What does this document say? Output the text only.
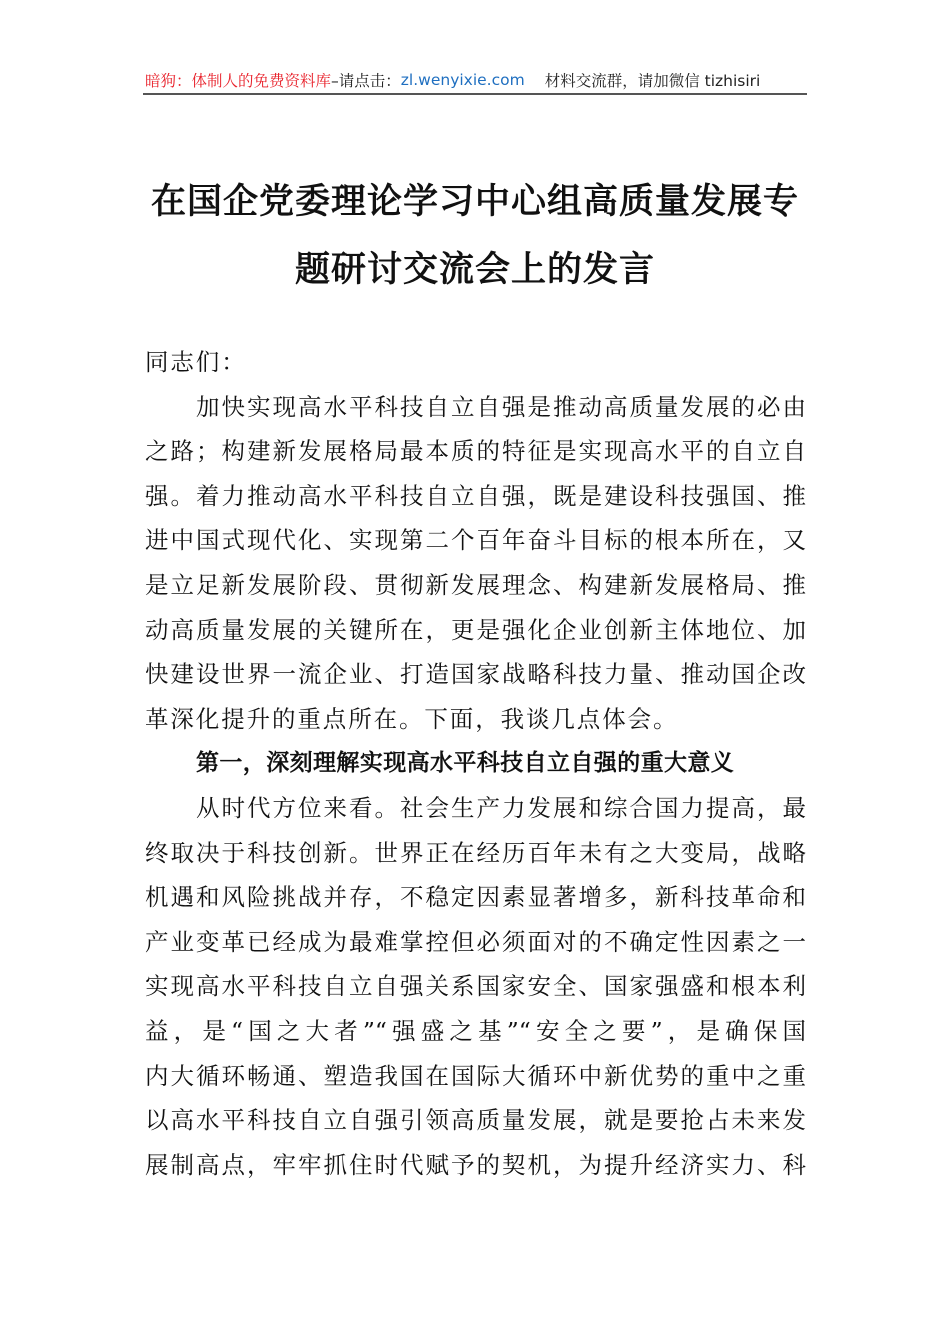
暗狗：体制人的免费资料库 –请点击： zl.wenyixie.com 材料交流群，请加微信 tizhisiri
在国企党委理论学习中心组高质量发展专
题研讨交流会上的发言
同志们：
加快实现高水平科技自立自强是推动高质量发展的必由
之路；构建新发展格局最本质的特征是实现高水平的自立自
强。着力推动高水平科技自立自强，既是建设科技强国、推
进中国式现代化、实现第二个百年奋斗目标的根本所在，又
是立足新发展阶段、贯彻新发展理念、构建新发展格局、推
动高质量发展的关键所在，更是强化企业创新主体地位、加
快建设世界一流企业、打造国家战略科技力量、推动国企改
革深化提升的重点所在。下面，我谈几点体会。
第一，深刻理解实现高水平科技自立自强的重大意义
从时代方位来看。社会生产力发展和综合国力提高，最
终取决于科技创新。世界正在经历百年未有之大变局，战略
机遇和风险挑战并存，不稳定因素显著增多，新科技革命和
产业变革已经成为最难掌控但必须面对的不确定性因素之一
实现高水平科技自立自强关系国家安全、国家强盛和根本利
益，是“国之大者”“强盛之基”“安全之要”，是确保国
内大循环畅通、塑造我国在国际大循环中新优势的重中之重
以高水平科技自立自强引领高质量发展，就是要抢占未来发
展制高点，牢牢抓住时代赋予的契机，为提升经济实力、科
